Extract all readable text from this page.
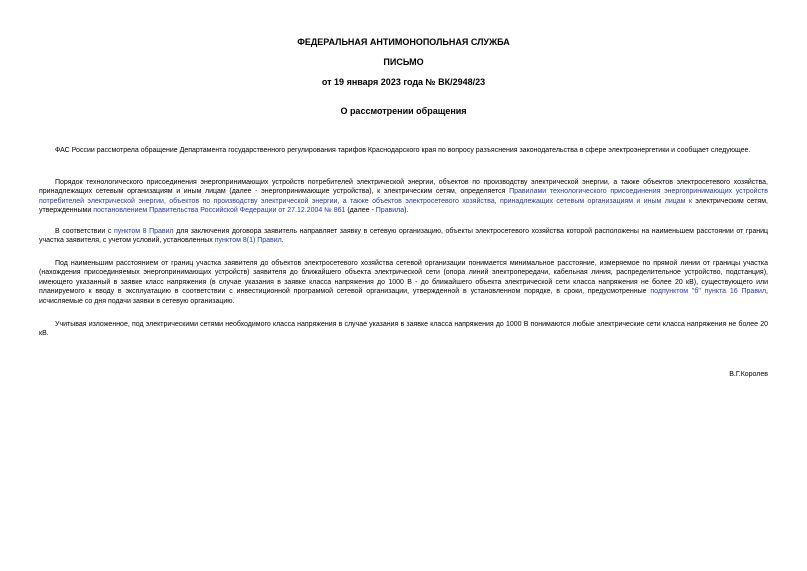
ФЕДЕРАЛЬНАЯ АНТИМОНОПОЛЬНАЯ СЛУЖБА

ПИСЬМО

от 19 января 2023 года № ВК/2948/23

О рассмотрении обращения

ФАС России рассмотрела обращение Департамента государственного регулирования тарифов Краснодарского края по вопросу разъяснения законодательства в сфере электроэнергетики и сообщает следующее.

Порядок технологического присоединения энергопринимающих устройств потребителей электрической энергии, объектов по производству электрической энергии, а также объектов электросетевого хозяйства, принадлежащих сетевым организациям и иным лицам (далее - энергопринимающие устройства), к электрическим сетям, определяется Правилами технологического присоединения энергопринимающих устройств потребителей электрической энергии, объектов по производству электрической энергии, а также объектов электросетевого хозяйства, принадлежащих сетевым организациям и иным лицам к электрическим сетям, утвержденными постановлением Правительства Российской Федерации от 27.12.2004 № 861 (далее - Правила).

В соответствии с пунктом 8 Правил для заключения договора заявитель направляет заявку в сетевую организацию, объекты электросетевого хозяйства которой расположены на наименьшем расстоянии от границ участка заявителя, с учетом условий, установленных пунктом 8(1) Правил.

Под наименьшим расстоянием от границ участка заявителя до объектов электросетевого хозяйства сетевой организации понимается минимальное расстояние, измеряемое по прямой линии от границы участка (нахождения присоединяемых энергопринимающих устройств) заявителя до ближайшего объекта электрической сети (опора линий электропередачи, кабельная линия, распределительное устройство, подстанция), имеющего указанный в заявке класс напряжения (в случае указания в заявке класса напряжения до 1000 В - до ближайшего объекта электрической сети класса напряжения не более 20 кВ), существующего или планируемого к вводу в эксплуатацию в соответствии с инвестиционной программой сетевой организации, утвержденной в установленном порядке, в сроки, предусмотренные подпунктом "б" пункта 16 Правил, исчисляемые со дня подачи заявки в сетевую организацию.

Учитывая изложенное, под электрическими сетями необходимого класса напряжения в случае указания в заявке класса напряжения до 1000 В понимаются любые электрические сети класса напряжения не более 20 кВ.

В.Г.Королев
